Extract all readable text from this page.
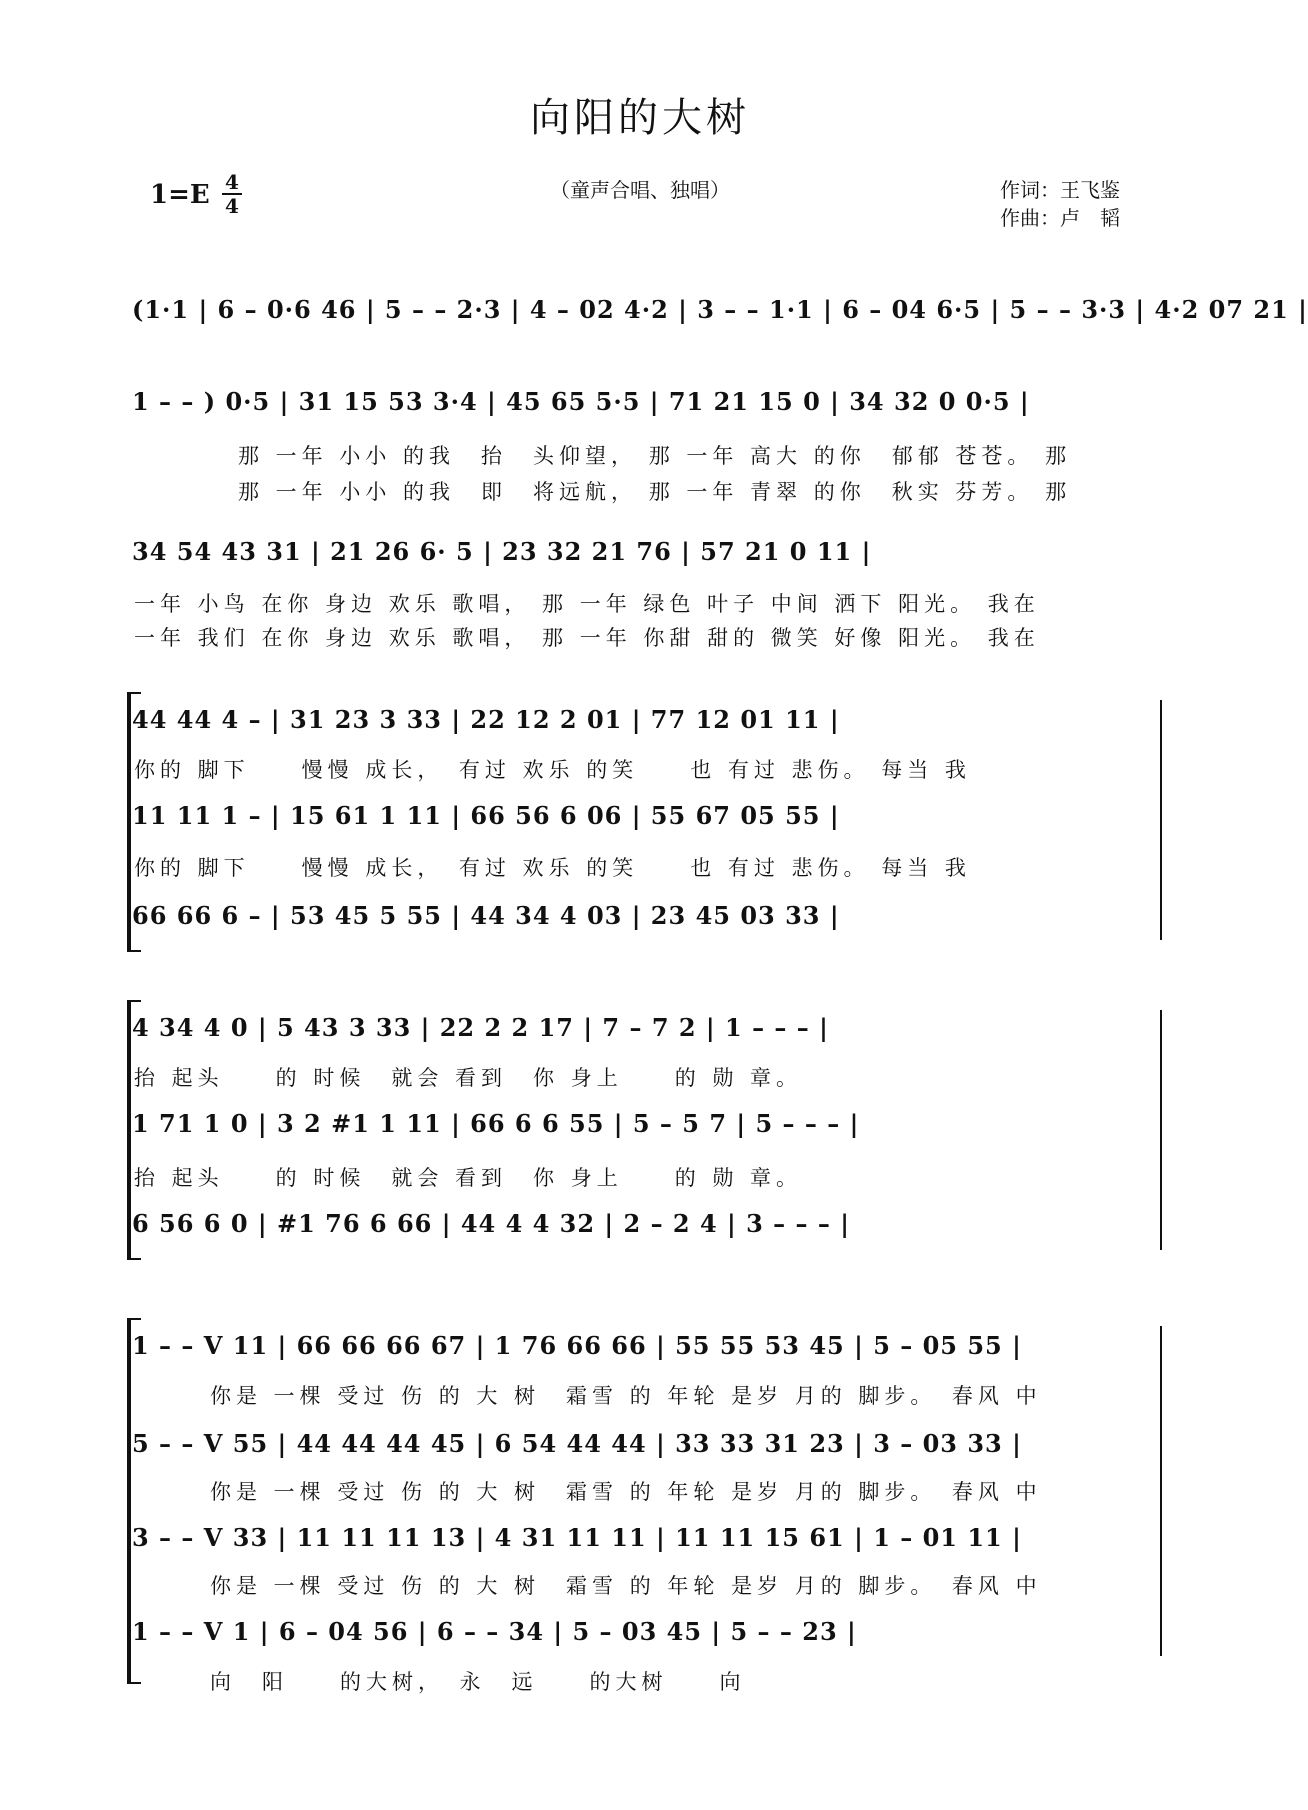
向阳的大树
1=E 4
4
（童声合唱、独唱）	作词：王飞鉴
作曲：卢　韬
(1·1 | 6 – 0·6 46 | 5 – – 2·3 | 4 – 02 4·2 | 3 – – 1·1 | 6 – 04 6·5 | 5 – – 3·3 | 4·2 07 21 |
1 – – ) 0·5 | 31 15 53 3·4 | 45 65 5·5 | 71 21 15 0 | 34 32 0 0·5 |
那 一年 小小 的我　抬　头仰望， 那 一年 高大 的你　郁郁 苍苍。 那
那 一年 小小 的我　即　将远航， 那 一年 青翠 的你　秋实 芬芳。 那
34 54 43 31 | 21 26 6· 5 | 23 32 21 76 | 57 21 0 11 |
一年 小鸟 在你 身边 欢乐 歌唱， 那 一年 绿色 叶子 中间 洒下 阳光。 我在
一年 我们 在你 身边 欢乐 歌唱， 那 一年 你甜 甜的 微笑 好像 阳光。 我在
44 44 4 – | 31 23 3 33 | 22 12 2 01 | 77 12 01 11 |
你的 脚下　　慢慢 成长，　有过 欢乐 的笑　　也 有过 悲伤。 每当 我
11 11 1 – | 15 61 1 11 | 66 56 6 06 | 55 67 05 55 |
你的 脚下　　慢慢 成长，　有过 欢乐 的笑　　也 有过 悲伤。 每当 我
66 66 6 – | 53 45 5 55 | 44 34 4 03 | 23 45 03 33 |
4 34 4 0 | 5 43 3 33 | 22 2 2 17 | 7 – 7 2 | 1 – – – |
抬 起头　　的 时候　就会 看到　你 身上　　的 勋 章。
1 71 1 0 | 3 2 #1 1 11 | 66 6 6 55 | 5 – 5 7 | 5 – – – |
抬 起头　　的 时候　就会 看到　你 身上　　的 勋 章。
6 56 6 0 | #1 76 6 66 | 44 4 4 32 | 2 – 2 4 | 3 – – – |
1 – – V 11 | 66 66 66 67 | 1 76 66 66 | 55 55 53 45 | 5 – 05 55 |
你是 一棵 受过 伤 的 大 树　霜雪 的 年轮 是岁 月的 脚步。　春风 中
5 – – V 55 | 44 44 44 45 | 6 54 44 44 | 33 33 31 23 | 3 – 03 33 |
你是 一棵 受过 伤 的 大 树　霜雪 的 年轮 是岁 月的 脚步。　春风 中
3 – – V 33 | 11 11 11 13 | 4 31 11 11 | 11 11 15 61 | 1 – 01 11 |
你是 一棵 受过 伤 的 大 树　霜雪 的 年轮 是岁 月的 脚步。　春风 中
1 – – V 1 | 6 – 04 56 | 6 – – 34 | 5 – 03 45 | 5 – – 23 |
向　阳　　的大树，　永　远　　的大树　　向
